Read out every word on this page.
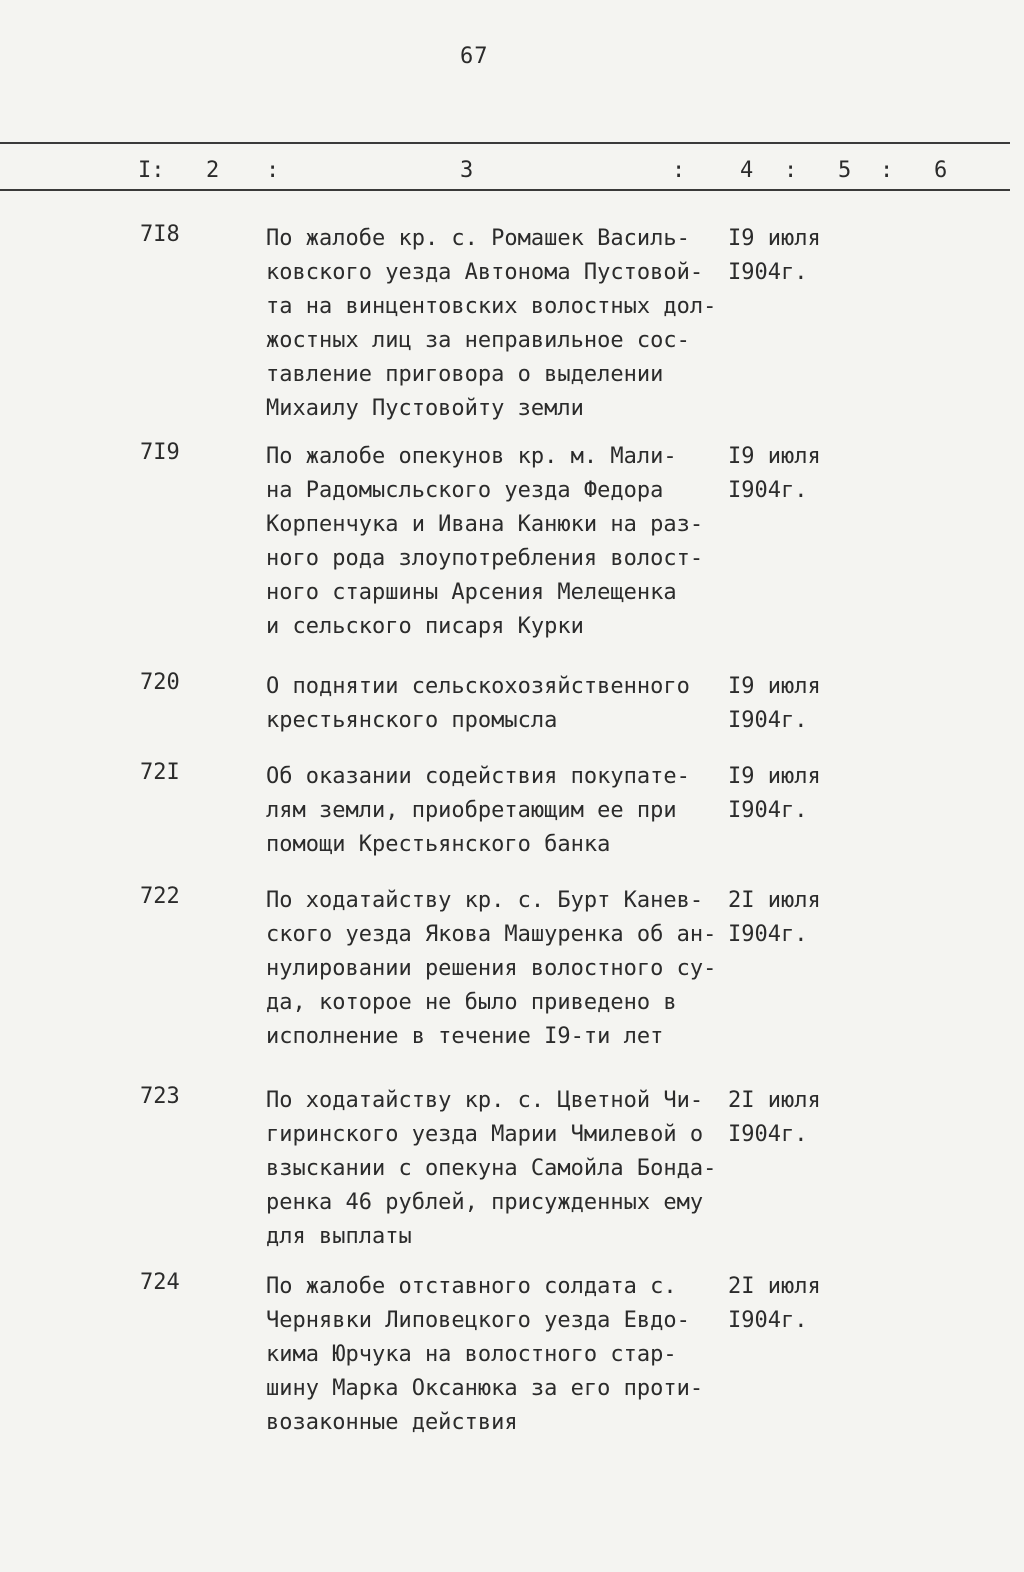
67
I: 2 :	3	: 4 : 5 : 6
7I8	По жалобе кр. с. Ромашек Василь-
ковского уезда Автонома Пустовой-
та на винцентовских волостных дол-
жостных лиц за неправильное сос-
тавление приговора о выделении
Михаилу Пустовойту земли
I9 июля
I904г.
7I9	По жалобе опекунов кр. м. Мали-
на Радомысльского уезда Федора
Корпенчука и Ивана Канюки на раз-
ного рода злоупотребления волост-
ного старшины Арсения Мелещенка
и сельского писаря Курки
I9 июля
I904г.
720	О поднятии сельскохозяйственного
крестьянского промысла
I9 июля
I904г.
72I	Об оказании содействия покупате-
лям земли, приобретающим ее при
помощи Крестьянского банка
I9 июля
I904г.
722	По ходатайству кр. с. Бурт Канев-
ского уезда Якова Машуренка об ан-
нулировании решения волостного су-
да, которое не было приведено в
исполнение в течение I9-ти лет
2I июля
I904г.
723	По ходатайству кр. с. Цветной Чи-
гиринского уезда Марии Чмилевой о
взыскании с опекуна Самойла Бонда-
ренка 46 рублей, присужденных ему
для выплаты
2I июля
I904г.
724	По жалобе отставного солдата с.
Чернявки Липовецкого уезда Евдо-
кима Юрчука на волостного стар-
шину Марка Оксанюка за его проти-
возаконные действия
2I июля
I904г.
